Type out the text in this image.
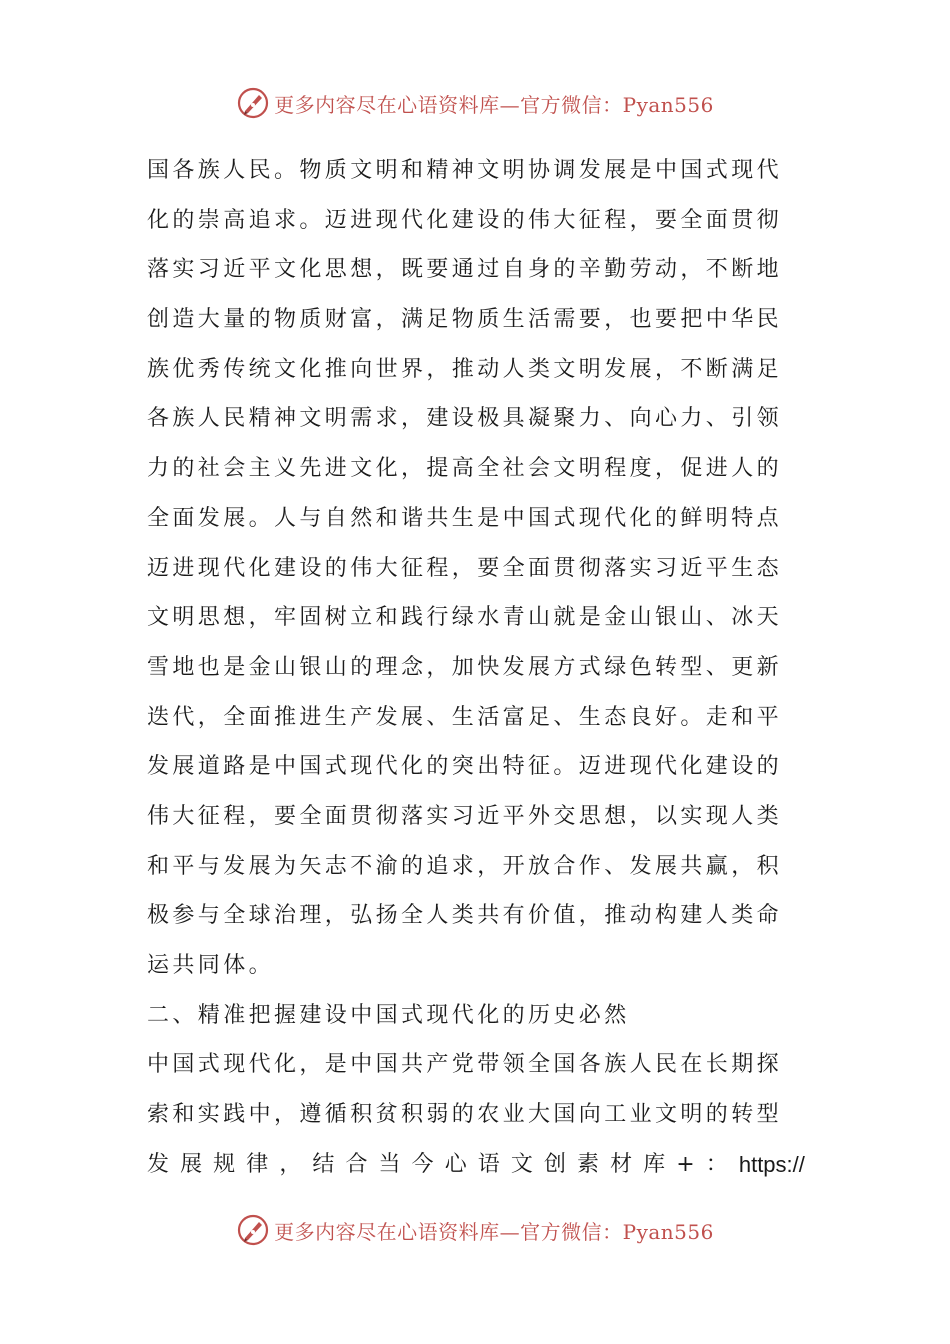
更多内容尽在心语资料库—官方微信：Pyan556
国各族人民。物质文明和精神文明协调发展是中国式现代
化的崇高追求。迈进现代化建设的伟大征程，要全面贯彻
落实习近平文化思想，既要通过自身的辛勤劳动，不断地
创造大量的物质财富，满足物质生活需要，也要把中华民
族优秀传统文化推向世界，推动人类文明发展，不断满足
各族人民精神文明需求，建设极具凝聚力、向心力、引领
力的社会主义先进文化，提高全社会文明程度，促进人的
全面发展。人与自然和谐共生是中国式现代化的鲜明特点
迈进现代化建设的伟大征程，要全面贯彻落实习近平生态
文明思想，牢固树立和践行绿水青山就是金山银山、冰天
雪地也是金山银山的理念，加快发展方式绿色转型、更新
迭代，全面推进生产发展、生活富足、生态良好。走和平
发展道路是中国式现代化的突出特征。迈进现代化建设的
伟大征程，要全面贯彻落实习近平外交思想，以实现人类
和平与发展为矢志不渝的追求，开放合作、发展共赢，积
极参与全球治理，弘扬全人类共有价值，推动构建人类命
运共同体。
二、精准把握建设中国式现代化的历史必然
中国式现代化，是中国共产党带领全国各族人民在长期探
索和实践中，遵循积贫积弱的农业大国向工业文明的转型
发 展 规 律 ， 结 合 当 今 心 语 文 创 素 材 库 + ： https://
更多内容尽在心语资料库—官方微信：Pyan556
